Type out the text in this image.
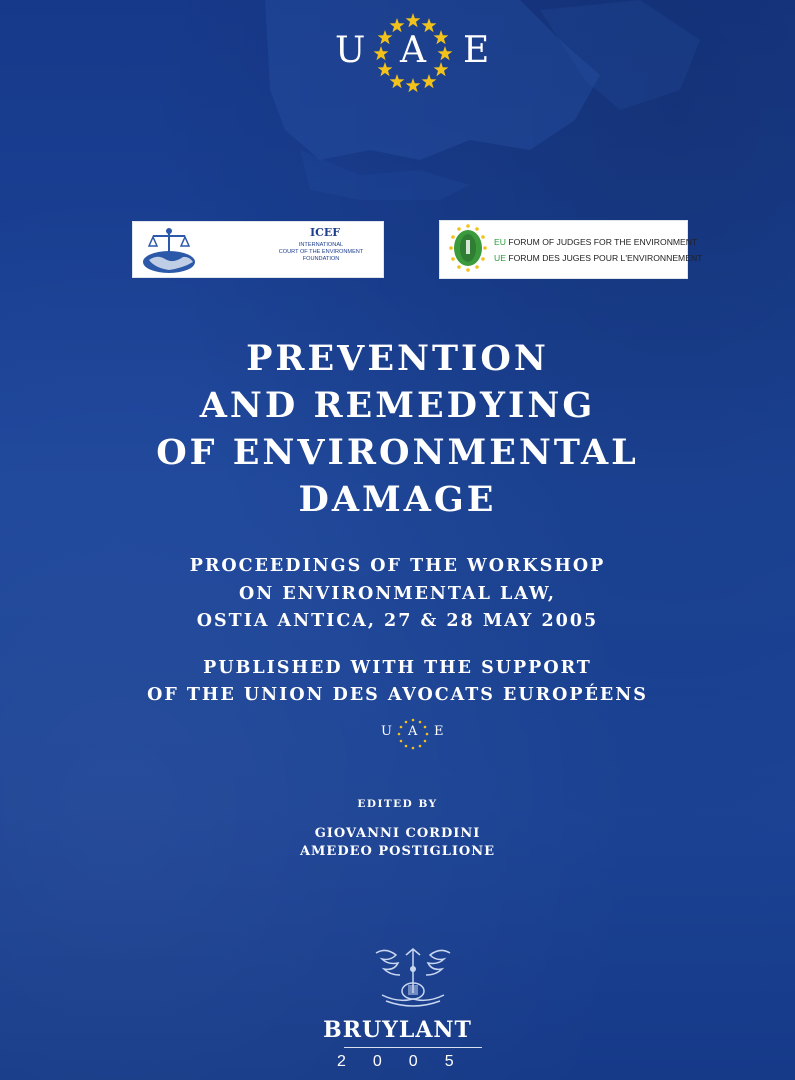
U A E
ICEF
INTERNATIONAL
COURT OF THE ENVIRONMENT
FOUNDATION
EU FORUM OF JUDGES FOR THE ENVIRONMENT
UE FORUM DES JUGES POUR L'ENVIRONNEMENT
PREVENTION
AND REMEDYING
OF ENVIRONMENTAL
DAMAGE
PROCEEDINGS OF THE WORKSHOP
ON ENVIRONMENTAL LAW,
OSTIA ANTICA, 27 & 28 MAY 2005
PUBLISHED WITH THE SUPPORT
OF THE UNION DES AVOCATS EUROPÉENS
U A E
EDITED BY
GIOVANNI CORDINI
AMEDEO POSTIGLIONE
BRUYLANT
2005
